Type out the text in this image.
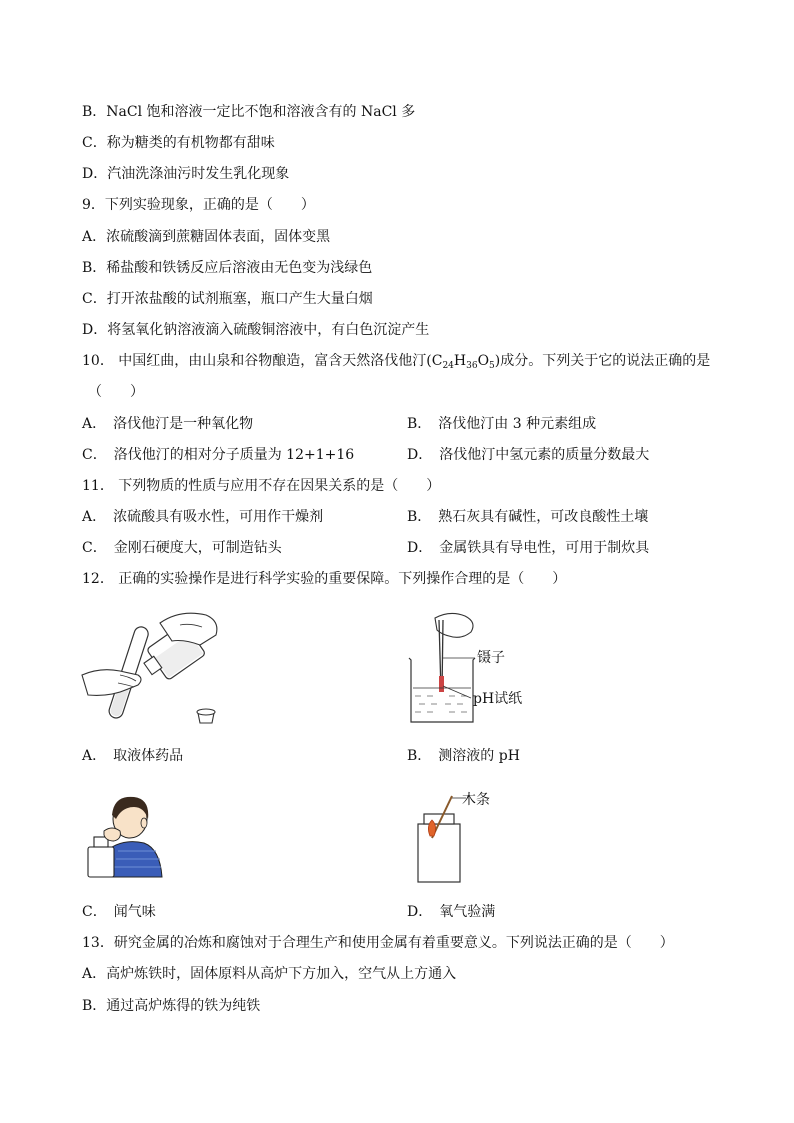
B．NaCl 饱和溶液一定比不饱和溶液含有的 NaCl 多
C．称为糖类的有机物都有甜味
D．汽油洗涤油污时发生乳化现象
9．下列实验现象，正确的是（　　）
A．浓硫酸滴到蔗糖固体表面，固体变黑
B．稀盐酸和铁锈反应后溶液由无色变为浅绿色
C．打开浓盐酸的试剂瓶塞，瓶口产生大量白烟
D．将氢氧化钠溶液滴入硫酸铜溶液中，有白色沉淀产生
10． 中国红曲，由山泉和谷物酿造，富含天然洛伐他汀$(C_{24}H_{36}O_5)$成分。下列关于它的说法正确的是
（　　）
A．　洛伐他汀是一种氧化物	B．　洛伐他汀由 3 种元素组成
C．　洛伐他汀的相对分子质量为 12+1+16	D．　洛伐他汀中氢元素的质量分数最大
11． 下列物质的性质与应用不存在因果关系的是（　　）
A．　浓硫酸具有吸水性，可用作干燥剂	B．　熟石灰具有碱性，可改良酸性土壤
C．　金刚石硬度大，可制造钻头	D．　金属铁具有导电性，可用于制炊具
12． 正确的实验操作是进行科学实验的重要保障。下列操作合理的是（　　）
镊子
pH试纸
A．　取液体药品	B．　测溶液的 pH
木条
C．　闻气味	D．　氧气验满
13．研究金属的冶炼和腐蚀对于合理生产和使用金属有着重要意义。下列说法正确的是（　　）
A．高炉炼铁时，固体原料从高炉下方加入，空气从上方通入
B．通过高炉炼得的铁为纯铁
